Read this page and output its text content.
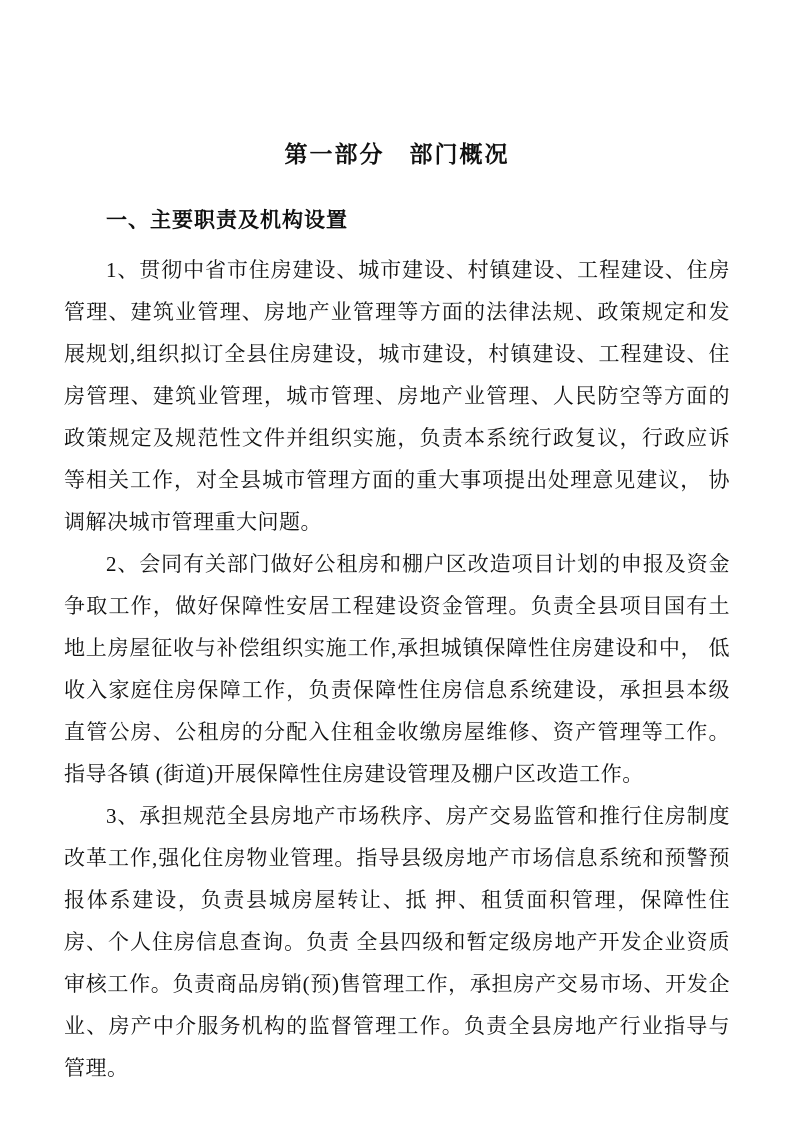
第一部分　部门概况
一、主要职责及机构设置

1、贯彻中省市住房建设、城市建设、村镇建设、工程建设、住房管理、建筑业管理、房地产业管理等方面的法律法规、政策规定和发展规划,组织拟订全县住房建设，城市建设，村镇建设、工程建设、住房管理、建筑业管理，城市管理、房地产业管理、人民防空等方面的政策规定及规范性文件并组织实施，负责本系统行政复议，行政应诉等相关工作，对全县城市管理方面的重大事项提出处理意见建议， 协调解决城市管理重大问题。

2、会同有关部门做好公租房和棚户区改造项目计划的申报及资金争取工作，做好保障性安居工程建设资金管理。负责全县项目国有土地上房屋征收与补偿组织实施工作,承担城镇保障性住房建设和中， 低收入家庭住房保障工作，负责保障性住房信息系统建设，承担县本级直管公房、公租房的分配入住租金收缴房屋维修、资产管理等工作。指导各镇 (街道)开展保障性住房建设管理及棚户区改造工作。

3、承担规范全县房地产市场秩序、房产交易监管和推行住房制度改革工作,强化住房物业管理。指导县级房地产市场信息系统和预警预报体系建设，负责县城房屋转让、抵 押、租赁面积管理，保障性住房、个人住房信息查询。负责 全县四级和暂定级房地产开发企业资质审核工作。负责商品房销(预)售管理工作，承担房产交易市场、开发企业、房产中介服务机构的监督管理工作。负责全县房地产行业指导与管理。
